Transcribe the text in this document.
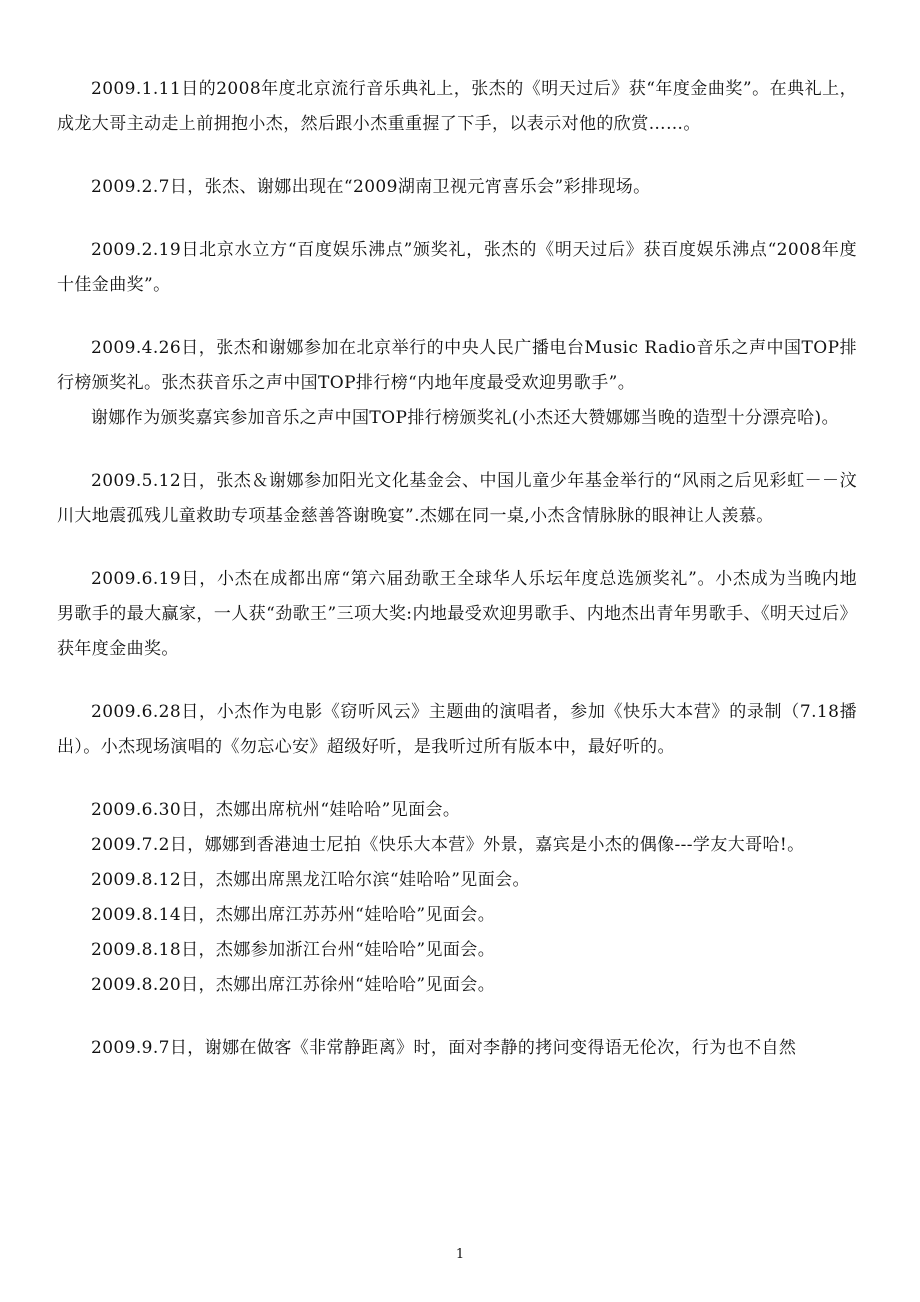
2009.1.11日的2008年度北京流行音乐典礼上，张杰的《明天过后》获“年度金曲奖”。在典礼上，成龙大哥主动走上前拥抱小杰，然后跟小杰重重握了下手，以表示对他的欣赏……。

2009.2.7日，张杰、谢娜出现在“2009湖南卫视元宵喜乐会”彩排现场。

2009.2.19日北京水立方“百度娱乐沸点”颁奖礼，张杰的《明天过后》获百度娱乐沸点“2008年度十佳金曲奖”。

2009.4.26日，张杰和谢娜参加在北京举行的中央人民广播电台Music Radio音乐之声中国TOP排行榜颁奖礼。张杰获音乐之声中国TOP排行榜“内地年度最受欢迎男歌手”。

谢娜作为颁奖嘉宾参加音乐之声中国TOP排行榜颁奖礼(小杰还大赞娜娜当晚的造型十分漂亮哈)。

2009.5.12日，张杰＆谢娜参加阳光文化基金会、中国儿童少年基金举行的“风雨之后见彩虹－－汶川大地震孤残儿童救助专项基金慈善答谢晚宴”.杰娜在同一桌,小杰含情脉脉的眼神让人羡慕。

2009.6.19日，小杰在成都出席“第六届劲歌王全球华人乐坛年度总选颁奖礼”。小杰成为当晚内地男歌手的最大赢家，一人获“劲歌王”三项大奖:内地最受欢迎男歌手、内地杰出青年男歌手、《明天过后》获年度金曲奖。

2009.6.28日，小杰作为电影《窃听风云》主题曲的演唱者，参加《快乐大本营》的录制（7.18播出）。小杰现场演唱的《勿忘心安》超级好听，是我听过所有版本中，最好听的。

2009.6.30日，杰娜出席杭州“娃哈哈”见面会。

2009.7.2日，娜娜到香港迪士尼拍《快乐大本营》外景，嘉宾是小杰的偶像---学友大哥哈!。

2009.8.12日，杰娜出席黑龙江哈尔滨“娃哈哈”见面会。

2009.8.14日，杰娜出席江苏苏州“娃哈哈”见面会。

2009.8.18日，杰娜参加浙江台州“娃哈哈”见面会。

2009.8.20日，杰娜出席江苏徐州“娃哈哈”见面会。

2009.9.7日，谢娜在做客《非常静距离》时，面对李静的拷问变得语无伦次，行为也不自然

1
